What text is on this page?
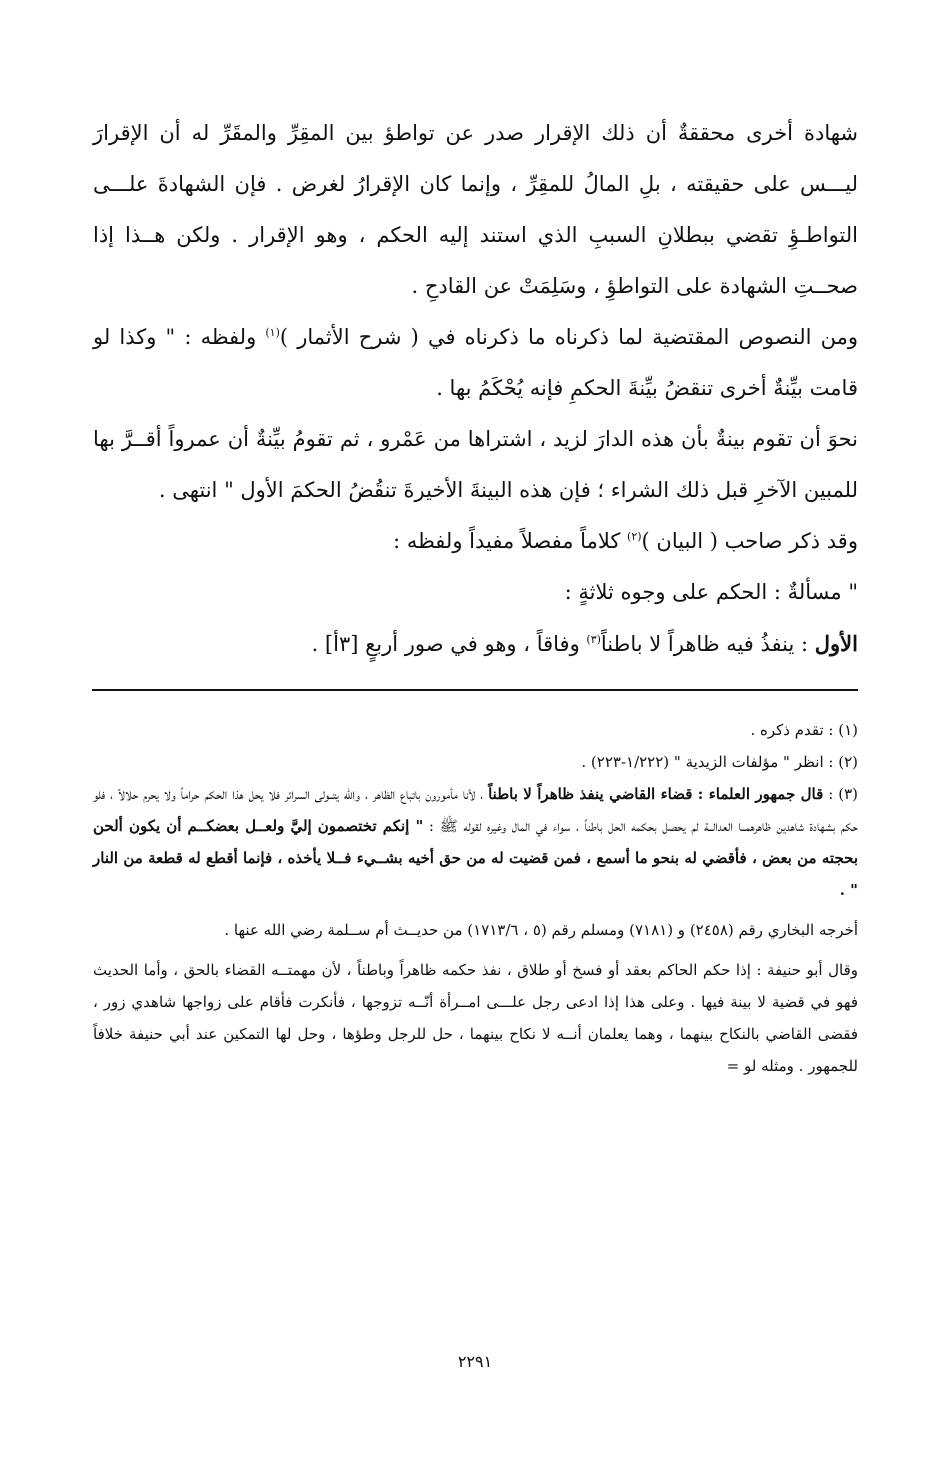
شهادة أخرى محققةٌ أن ذلك الإقرار صدر عن تواطؤ بين المقِرِّ والمقَرِّ له أن الإقرارَ ليـــس على حقيقته ، بلِ المالُ للمقِرِّ ، وإنما كان الإقرارُ لغرض . فإن الشهادةَ علـــى التواطـؤِ تقضي ببطلانِ السببِ الذي استند إليه الحكم ، وهو الإقرار . ولكن هــذا إذا صحــتِ الشهادة على التواطؤِ ، وسَلِمَتْ عن القادحِ .

ومن النصوص المقتضية لما ذكرناه ما ذكرناه في ( شرح الأثمار )$^{(١)}$ ولفظه : " وكذا لو قامت بيِّنةٌ أخرى تنقضُ بيِّنةَ الحكمِ فإنه يُحْكَمُ بها .

نحوَ أن تقوم بينةٌ بأن هذه الدارَ لزيد ، اشتراها من عَمْرو ، ثم تقومُ بيِّنةٌ أن عمرواً أقــرَّ بها للمبين الآخرِ قبل ذلك الشراء ؛ فإن هذه البينةَ الأخيرةَ تنقُضُ الحكمَ الأول " انتهى .

وقد ذكر صاحب ( البيان )$^{(٢)}$ كلاماً مفصلاً مفيداً ولفظه :

" مسألةٌ : الحكم على وجوه ثلاثةٍ :

الأول : ينفذُ فيه ظاهراً لا باطناً$^{(٣)}$ وفاقاً ، وهو في صور أربعٍ [٣أ] .

(١) : تقدم ذكره .

(٢) : انظر " مؤلفات الزيدية " (١/٢٢٢-٢٢٣) .

(٣) : قال جمهور العلماء : قضاء القاضي ينفذ ظاهراً لا باطناً ، لأنا مأمورون باتباع الظاهر ، والله يتــولى السرائر فلا يحل هذا الحكم حراماً ولا يحرم حلالاً ، فلو حكم بشهادة شاهدين ظاهرهمــا العدالــة لم يحصل بحكمه الحل باطناً ، سواء في المال وغيره لقوله ﷺ : " إنكم تختصمون إليَّ ولعــل بعضكــم أن يكون ألحن بحجته من بعض ، فأقضي له بنحو ما أسمع ، فمن قضيت له من حق أخيه بشــيء فــلا يأخذه ، فإنما أقطع له قطعة من النار " .

أخرجه البخاري رقم (٢٤٥٨) و (٧١٨١) ومسلم رقم (٥ ، ١٧١٣/٦) من حديــث أم ســلمة رضي الله عنها .

وقال أبو حنيفة : إذا حكم الحاكم بعقد أو فسخ أو طلاق ، نفذ حكمه ظاهراً وباطناً ، لأن مهمتــه القضاء بالحق ، وأما الحديث فهو في قضية لا بينة فيها . وعلى هذا إذا ادعى رجل علـــى امــرأة أنّــه تزوجها ، فأنكرت فأقام على زواجها شاهدي زور ، فقضى القاضي بالنكاح بينهما ، وهما يعلمان أنــه لا نكاح بينهما ، حل للرجل وطؤها ، وحل لها التمكين عند أبي حنيفة خلافاً للجمهور . ومثله لو =

٢٢٩١
